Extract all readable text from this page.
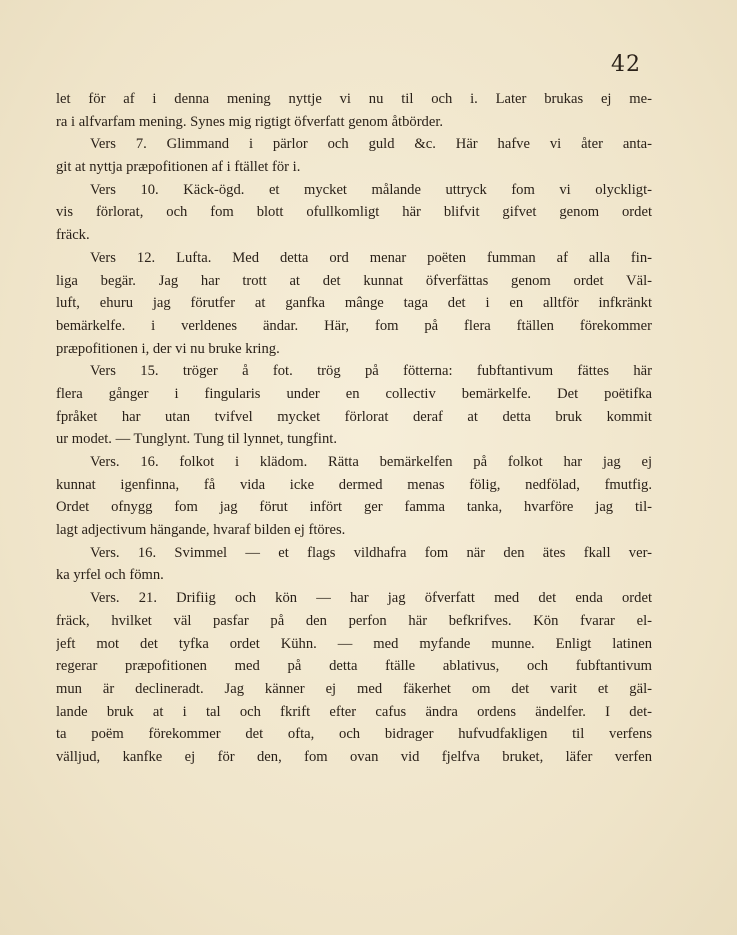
42
let för af i denna mening nyttje vi nu til och i. Later brukas ej me-
ra i alfvarfam mening. Synes mig rigtigt öfverfatt genom åtbörder.
Vers 7. Glimmand i pärlor och guld &c. Här hafve vi åter anta-
git at nyttja præpofitionen af i ftället för i.
Vers 10. Käck-ögd. et mycket målande uttryck fom vi olyckligt-
vis förlorat, och fom blott ofullkomligt här blifvit gifvet genom ordet
fräck.
Vers 12. Lufta. Med detta ord menar poëten fumman af alla fin-
liga begär. Jag har trott at det kunnat öfverfättas genom ordet Väl-
luft, ehuru jag förutfer at ganfka mânge taga det i en alltför infkränkt
bemärkelfe. i verldenes ändar. Här, fom på flera ftällen förekommer
præpofitionen i, der vi nu bruke kring.
Vers 15. tröger å fot. trög på fötterna: fubftantivum fättes här
flera gånger i fingularis under en collectiv bemärkelfe. Det poëtifka
fpråket har utan tvifvel mycket förlorat deraf at detta bruk kommit
ur modet. — Tunglynt. Tung til lynnet, tungfint.
Vers. 16. folkot i klädom. Rätta bemärkelfen på folkot har jag ej
kunnat igenfinna, få vida icke dermed menas fölig, nedfölad, fmutfig.
Ordet ofnygg fom jag förut infört ger famma tanka, hvarföre jag til-
lagt adjectivum hängande, hvaraf bilden ej ftöres.
Vers. 16. Svimmel — et flags vildhafra fom när den ätes fkall ver-
ka yrfel och fömn.
Vers. 21. Drifiig och kön — har jag öfverfatt med det enda ordet
fräck, hvilket väl pasfar på den perfon här befkrifves. Kön fvarar el-
jeft mot det tyfka ordet Kühn. — med myfande munne. Enligt latinen
regerar præpofitionen med på detta ftälle ablativus, och fubftantivum
mun är declineradt. Jag känner ej med fäkerhet om det varit et gäl-
lande bruk at i tal och fkrift efter cafus ändra ordens ändelfer. I det-
ta poëm förekommer det ofta, och bidrager hufvudfakligen til verfens
välljud, kanfke ej för den, fom ovan vid fjelfva bruket, läfer verfen
